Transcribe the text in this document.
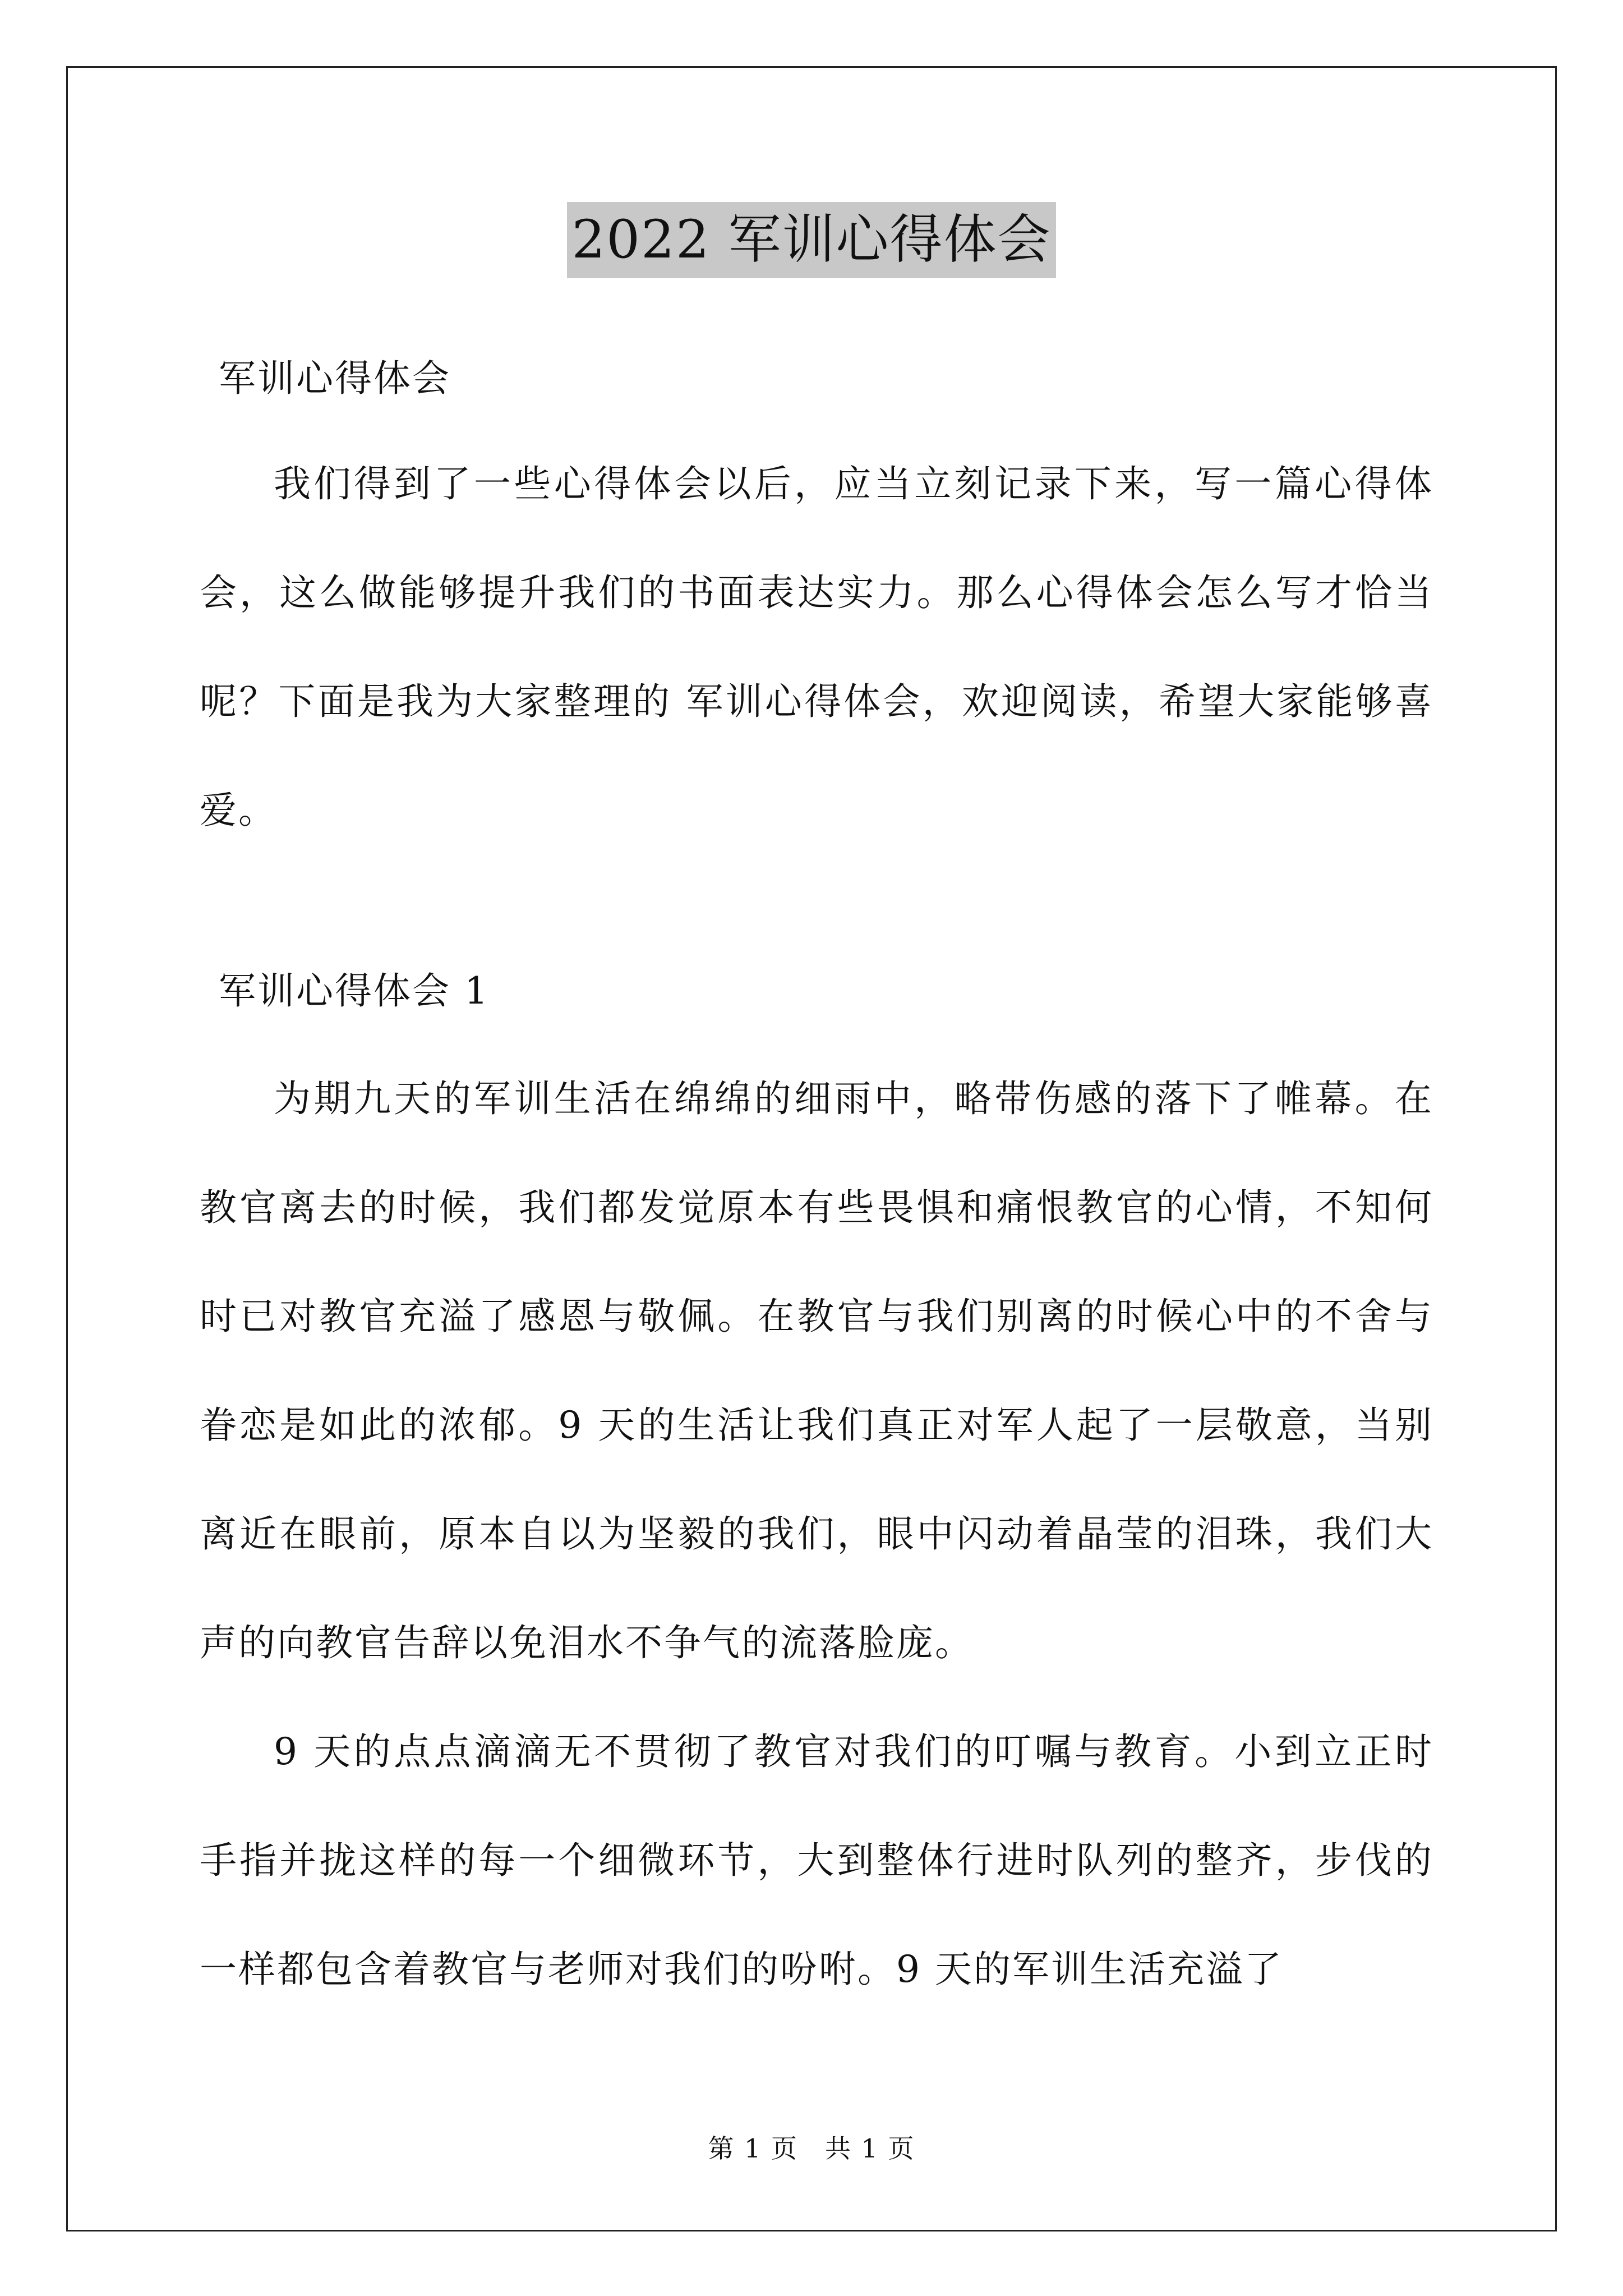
2022 军训心得体会

军训心得体会

我们得到了一些心得体会以后，应当立刻记录下来，写一篇心得体会，这么做能够提升我们的书面表达实力。那么心得体会怎么写才恰当呢？下面是我为大家整理的 军训心得体会，欢迎阅读，希望大家能够喜爱。

军训心得体会 1

为期九天的军训生活在绵绵的细雨中，略带伤感的落下了帷幕。在教官离去的时候，我们都发觉原本有些畏惧和痛恨教官的心情，不知何时已对教官充溢了感恩与敬佩。在教官与我们别离的时候心中的不舍与眷恋是如此的浓郁。9 天的生活让我们真正对军人起了一层敬意，当别离近在眼前，原本自以为坚毅的我们，眼中闪动着晶莹的泪珠，我们大声的向教官告辞以免泪水不争气的流落脸庞。

9 天的点点滴滴无不贯彻了教官对我们的叮嘱与教育。小到立正时手指并拢这样的每一个细微环节，大到整体行进时队列的整齐，步伐的一样都包含着教官与老师对我们的吩咐。9 天的军训生活充溢了

第 1 页　共 1 页
